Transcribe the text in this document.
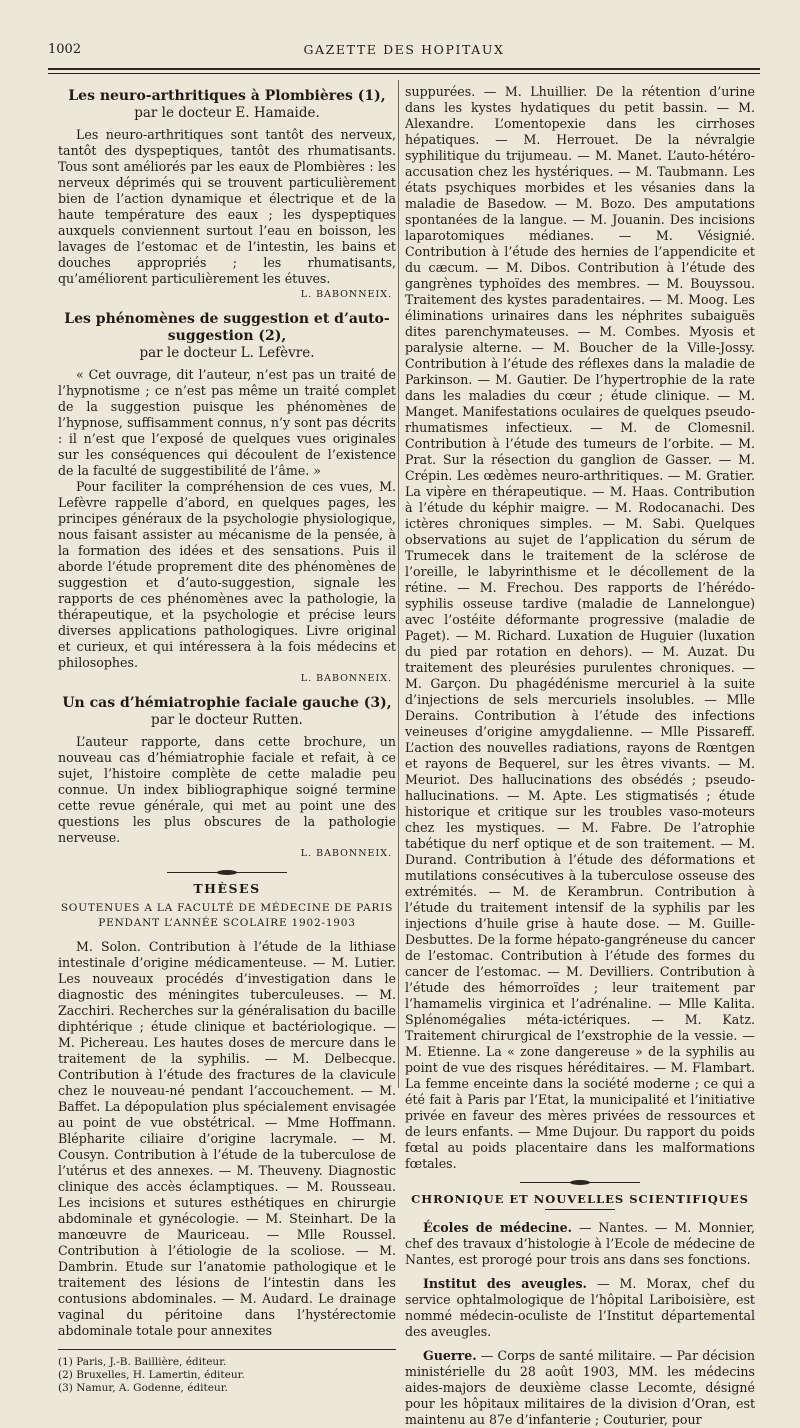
1002	GAZETTE DES HOPITAUX
Les neuro-arthritiques à Plombières (1),
par le docteur E. Hamaide.

Les neuro-arthritiques sont tantôt des nerveux, tantôt des dyspeptiques, tantôt des rhumatisants. Tous sont améliorés par les eaux de Plombières : les nerveux déprimés qui se trouvent particulièrement bien de l’action dynamique et électrique et de la haute température des eaux ; les dyspeptiques auxquels conviennent surtout l’eau en boisson, les lavages de l’estomac et de l’intestin, les bains et douches appropriés ; les rhumatisants, qu’améliorent particulièrement les étuves.

L. BABONNEIX.
Les phénomènes de suggestion et d’auto-suggestion (2),
par le docteur L. Lefèvre.

« Cet ouvrage, dit l’auteur, n’est pas un traité de l’hypnotisme ; ce n’est pas même un traité complet de la suggestion puisque les phénomènes de l’hypnose, suffisamment connus, n’y sont pas décrits : il n’est que l’exposé de quelques vues originales sur les conséquences qui découlent de l’existence de la faculté de suggestibilité de l’âme. »

Pour faciliter la compréhension de ces vues, M. Lefèvre rappelle d’abord, en quelques pages, les principes généraux de la psychologie physiologique, nous faisant assister au mécanisme de la pensée, à la formation des idées et des sensations. Puis il aborde l’étude proprement dite des phénomènes de suggestion et d’auto-suggestion, signale les rapports de ces phénomènes avec la pathologie, la thérapeutique, et la psychologie et précise leurs diverses applications pathologiques. Livre original et curieux, et qui intéressera à la fois médecins et philosophes.

L. BABONNEIX.
Un cas d’hémiatrophie faciale gauche (3),
par le docteur Rutten.

L’auteur rapporte, dans cette brochure, un nouveau cas d’hémiatrophie faciale et refait, à ce sujet, l’histoire complète de cette maladie peu connue. Un index bibliographique soigné termine cette revue générale, qui met au point une des questions les plus obscures de la pathologie nerveuse.

L. BABONNEIX.
THÈSES
SOUTENUES A LA FACULTÉ DE MÉDECINE DE PARIS
PENDANT L’ANNÉE SCOLAIRE 1902-1903

M. Solon. Contribution à l’étude de la lithiase intestinale d’origine médicamenteuse. — M. Lutier. Les nouveaux procédés d’investigation dans le diagnostic des méningites tuberculeuses. — M. Zacchiri. Recherches sur la généralisation du bacille diphtérique ; étude clinique et bactériologique. — M. Pichereau. Les hautes doses de mercure dans le traitement de la syphilis. — M. Delbecque. Contribution à l’étude des fractures de la clavicule chez le nouveau-né pendant l’accouchement. — M. Baffet. La dépopulation plus spécialement envisagée au point de vue obstétrical. — Mme Hoffmann. Blépharite ciliaire d’origine lacrymale. — M. Cousyn. Contribution à l’étude de la tuberculose de l’utérus et des annexes. — M. Theuveny. Diagnostic clinique des accès éclamptiques. — M. Rousseau. Les incisions et sutures esthétiques en chirurgie abdominale et gynécologie. — M. Steinhart. De la manœuvre de Mauriceau. — Mlle Roussel. Contribution à l’étiologie de la scoliose. — M. Dambrin. Etude sur l’anatomie pathologique et le traitement des lésions de l’intestin dans les contusions abdominales. — M. Audard. Le drainage vaginal du péritoine dans l’hystérectomie abdominale totale pour annexites

(1) Paris, J.-B. Baillière, éditeur.

(2) Bruxelles, H. Lamertin, éditeur.

(3) Namur, A. Godenne, éditeur.

suppurées. — M. Lhuillier. De la rétention d’urine dans les kystes hydatiques du petit bassin. — M. Alexandre. L’omentopexie dans les cirrhoses hépatiques. — M. Herrouet. De la névralgie syphilitique du trijumeau. — M. Manet. L’auto-hétéro-accusation chez les hystériques. — M. Taubmann. Les états psychiques morbides et les vésanies dans la maladie de Basedow. — M. Bozo. Des amputations spontanées de la langue. — M. Jouanin. Des incisions laparotomiques médianes. — M. Vésignié. Contribution à l’étude des hernies de l’appendicite et du cæcum. — M. Dibos. Contribution à l’étude des gangrènes typhoïdes des membres. — M. Bouyssou. Traitement des kystes paradentaires. — M. Moog. Les éliminations urinaires dans les néphrites subaiguës dites parenchymateuses. — M. Combes. Myosis et paralysie alterne. — M. Boucher de la Ville-Jossy. Contribution à l’étude des réflexes dans la maladie de Parkinson. — M. Gautier. De l’hypertrophie de la rate dans les maladies du cœur ; étude clinique. — M. Manget. Manifestations oculaires de quelques pseudo-rhumatismes infectieux. — M. de Clomesnil. Contribution à l’étude des tumeurs de l’orbite. — M. Prat. Sur la résection du ganglion de Gasser. — M. Crépin. Les œdèmes neuro-arthritiques. — M. Gratier. La vipère en thérapeutique. — M. Haas. Contribution à l’étude du képhir maigre. — M. Rodocanachi. Des ictères chroniques simples. — M. Sabi. Quelques observations au sujet de l’application du sérum de Trumecek dans le traitement de la sclérose de l’oreille, le labyrinthisme et le décollement de la rétine. — M. Frechou. Des rapports de l’hérédo-syphilis osseuse tardive (maladie de Lannelongue) avec l’ostéite déformante progressive (maladie de Paget). — M. Richard. Luxation de Huguier (luxation du pied par rotation en dehors). — M. Auzat. Du traitement des pleurésies purulentes chroniques. — M. Garçon. Du phagédénisme mercuriel à la suite d’injections de sels mercuriels insolubles. — Mlle Derains. Contribution à l’étude des infections veineuses d’origine amygdalienne. — Mlle Pissareff. L’action des nouvelles radiations, rayons de Rœntgen et rayons de Bequerel, sur les êtres vivants. — M. Meuriot. Des hallucinations des obsédés ; pseudo-hallucinations. — M. Apte. Les stigmatisés ; étude historique et critique sur les troubles vaso-moteurs chez les mystiques. — M. Fabre. De l’atrophie tabétique du nerf optique et de son traitement. — M. Durand. Contribution à l’étude des déformations et mutilations consécutives à la tuberculose osseuse des extrémités. — M. de Kerambrun. Contribution à l’étude du traitement intensif de la syphilis par les injections d’huile grise à haute dose. — M. Guille-Desbuttes. De la forme hépato-gangréneuse du cancer de l’estomac. Contribution à l’étude des formes du cancer de l’estomac. — M. Devilliers. Contribution à l’étude des hémorroïdes ; leur traitement par l’hamamelis virginica et l’adrénaline. — Mlle Kalita. Splénomégalies méta-ictériques. — M. Katz. Traitement chirurgical de l’exstrophie de la vessie. — M. Etienne. La « zone dangereuse » de la syphilis au point de vue des risques héréditaires. — M. Flambart. La femme enceinte dans la société moderne ; ce qui a été fait à Paris par l’Etat, la municipalité et l’initiative privée en faveur des mères privées de ressources et de leurs enfants. — Mme Dujour. Du rapport du poids fœtal au poids placentaire dans les malformations fœtales.

CHRONIQUE ET NOUVELLES SCIENTIFIQUES

Écoles de médecine. — Nantes. — M. Monnier, chef des travaux d’histologie à l’Ecole de médecine de Nantes, est prorogé pour trois ans dans ses fonctions.

Institut des aveugles. — M. Morax, chef du service ophtalmologique de l’hôpital Lariboisière, est nommé médecin-oculiste de l’Institut départemental des aveugles.

Guerre. — Corps de santé militaire. — Par décision ministérielle du 28 août 1903, MM. les médecins aides-majors de deuxième classe Lecomte, désigné pour les hôpitaux militaires de la division d’Oran, est maintenu au 87e d’infanterie ; Couturier, pour
